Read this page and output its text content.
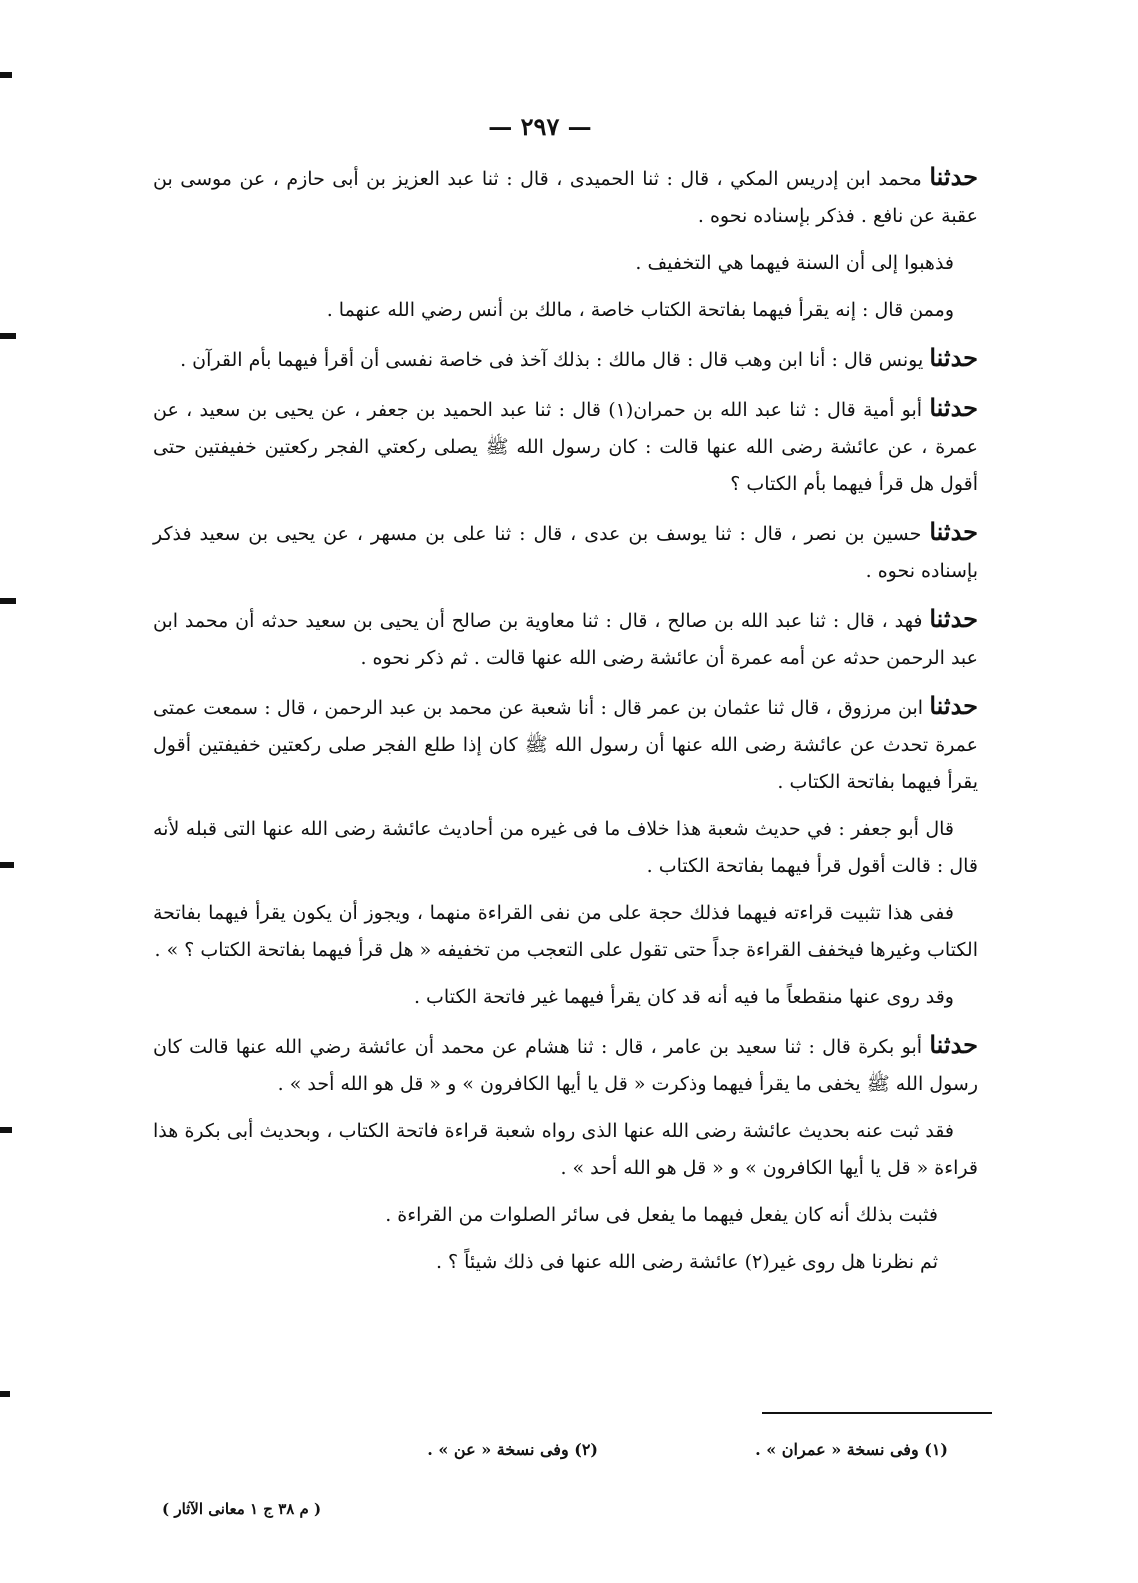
— ٢٩٧ —

حدثنا محمد ابن إدريس المكي ، قال : ثنا الحميدى ، قال : ثنا عبد العزيز بن أبى حازم ، عن موسى بن عقبة عن نافع . فذكر بإسناده نحوه .

فذهبوا إلى أن السنة فيهما هي التخفيف .

وممن قال : إنه يقرأ فيهما بفاتحة الكتاب خاصة ، مالك بن أنس رضي الله عنهما .

حدثنا يونس قال : أنا ابن وهب قال : قال مالك : بذلك آخذ فى خاصة نفسى أن أقرأ فيهما بأم القرآن .

حدثنا أبو أمية قال : ثنا عبد الله بن حمران(١) قال : ثنا عبد الحميد بن جعفر ، عن يحيى بن سعيد ، عن عمرة ، عن عائشة رضى الله عنها قالت : كان رسول الله ﷺ يصلى ركعتي الفجر ركعتين خفيفتين حتى أقول هل قرأ فيهما بأم الكتاب ؟

حدثنا حسين بن نصر ، قال : ثنا يوسف بن عدى ، قال : ثنا على بن مسهر ، عن يحيى بن سعيد فذكر بإسناده نحوه .

حدثنا فهد ، قال : ثنا عبد الله بن صالح ، قال : ثنا معاوية بن صالح أن يحيى بن سعيد حدثه أن محمد ابن عبد الرحمن حدثه عن أمه عمرة أن عائشة رضى الله عنها قالت . ثم ذكر نحوه .

حدثنا ابن مرزوق ، قال ثنا عثمان بن عمر قال : أنا شعبة عن محمد بن عبد الرحمن ، قال : سمعت عمتى عمرة تحدث عن عائشة رضى الله عنها أن رسول الله ﷺ كان إذا طلع الفجر صلى ركعتين خفيفتين أقول يقرأ فيهما بفاتحة الكتاب .

قال أبو جعفر : في حديث شعبة هذا خلاف ما فى غيره من أحاديث عائشة رضى الله عنها التى قبله لأنه قال : قالت أقول قرأ فيهما بفاتحة الكتاب .

ففى هذا تثبيت قراءته فيهما فذلك حجة على من نفى القراءة منهما ، ويجوز أن يكون يقرأ فيهما بفاتحة الكتاب وغيرها فيخفف القراءة جداً حتى تقول على التعجب من تخفيفه « هل قرأ فيهما بفاتحة الكتاب ؟ » .

وقد روى عنها منقطعاً ما فيه أنه قد كان يقرأ فيهما غير فاتحة الكتاب .

حدثنا أبو بكرة قال : ثنا سعيد بن عامر ، قال : ثنا هشام عن محمد أن عائشة رضي الله عنها قالت كان رسول الله ﷺ يخفى ما يقرأ فيهما وذكرت « قل يا أيها الكافرون » و « قل هو الله أحد » .

فقد ثبت عنه بحديث عائشة رضى الله عنها الذى رواه شعبة قراءة فاتحة الكتاب ، وبحديث أبى بكرة هذا قراءة « قل يا أيها الكافرون » و « قل هو الله أحد » .

فثبت بذلك أنه كان يفعل فيهما ما يفعل فى سائر الصلوات من القراءة .

ثم نظرنا هل روى غير(٢) عائشة رضى الله عنها فى ذلك شيئاً ؟ .

(١) وفى نسخة « عمران » .
(٢) وفى نسخة « عن » .
( م ٣٨ ج ١ معانى الآثار )
